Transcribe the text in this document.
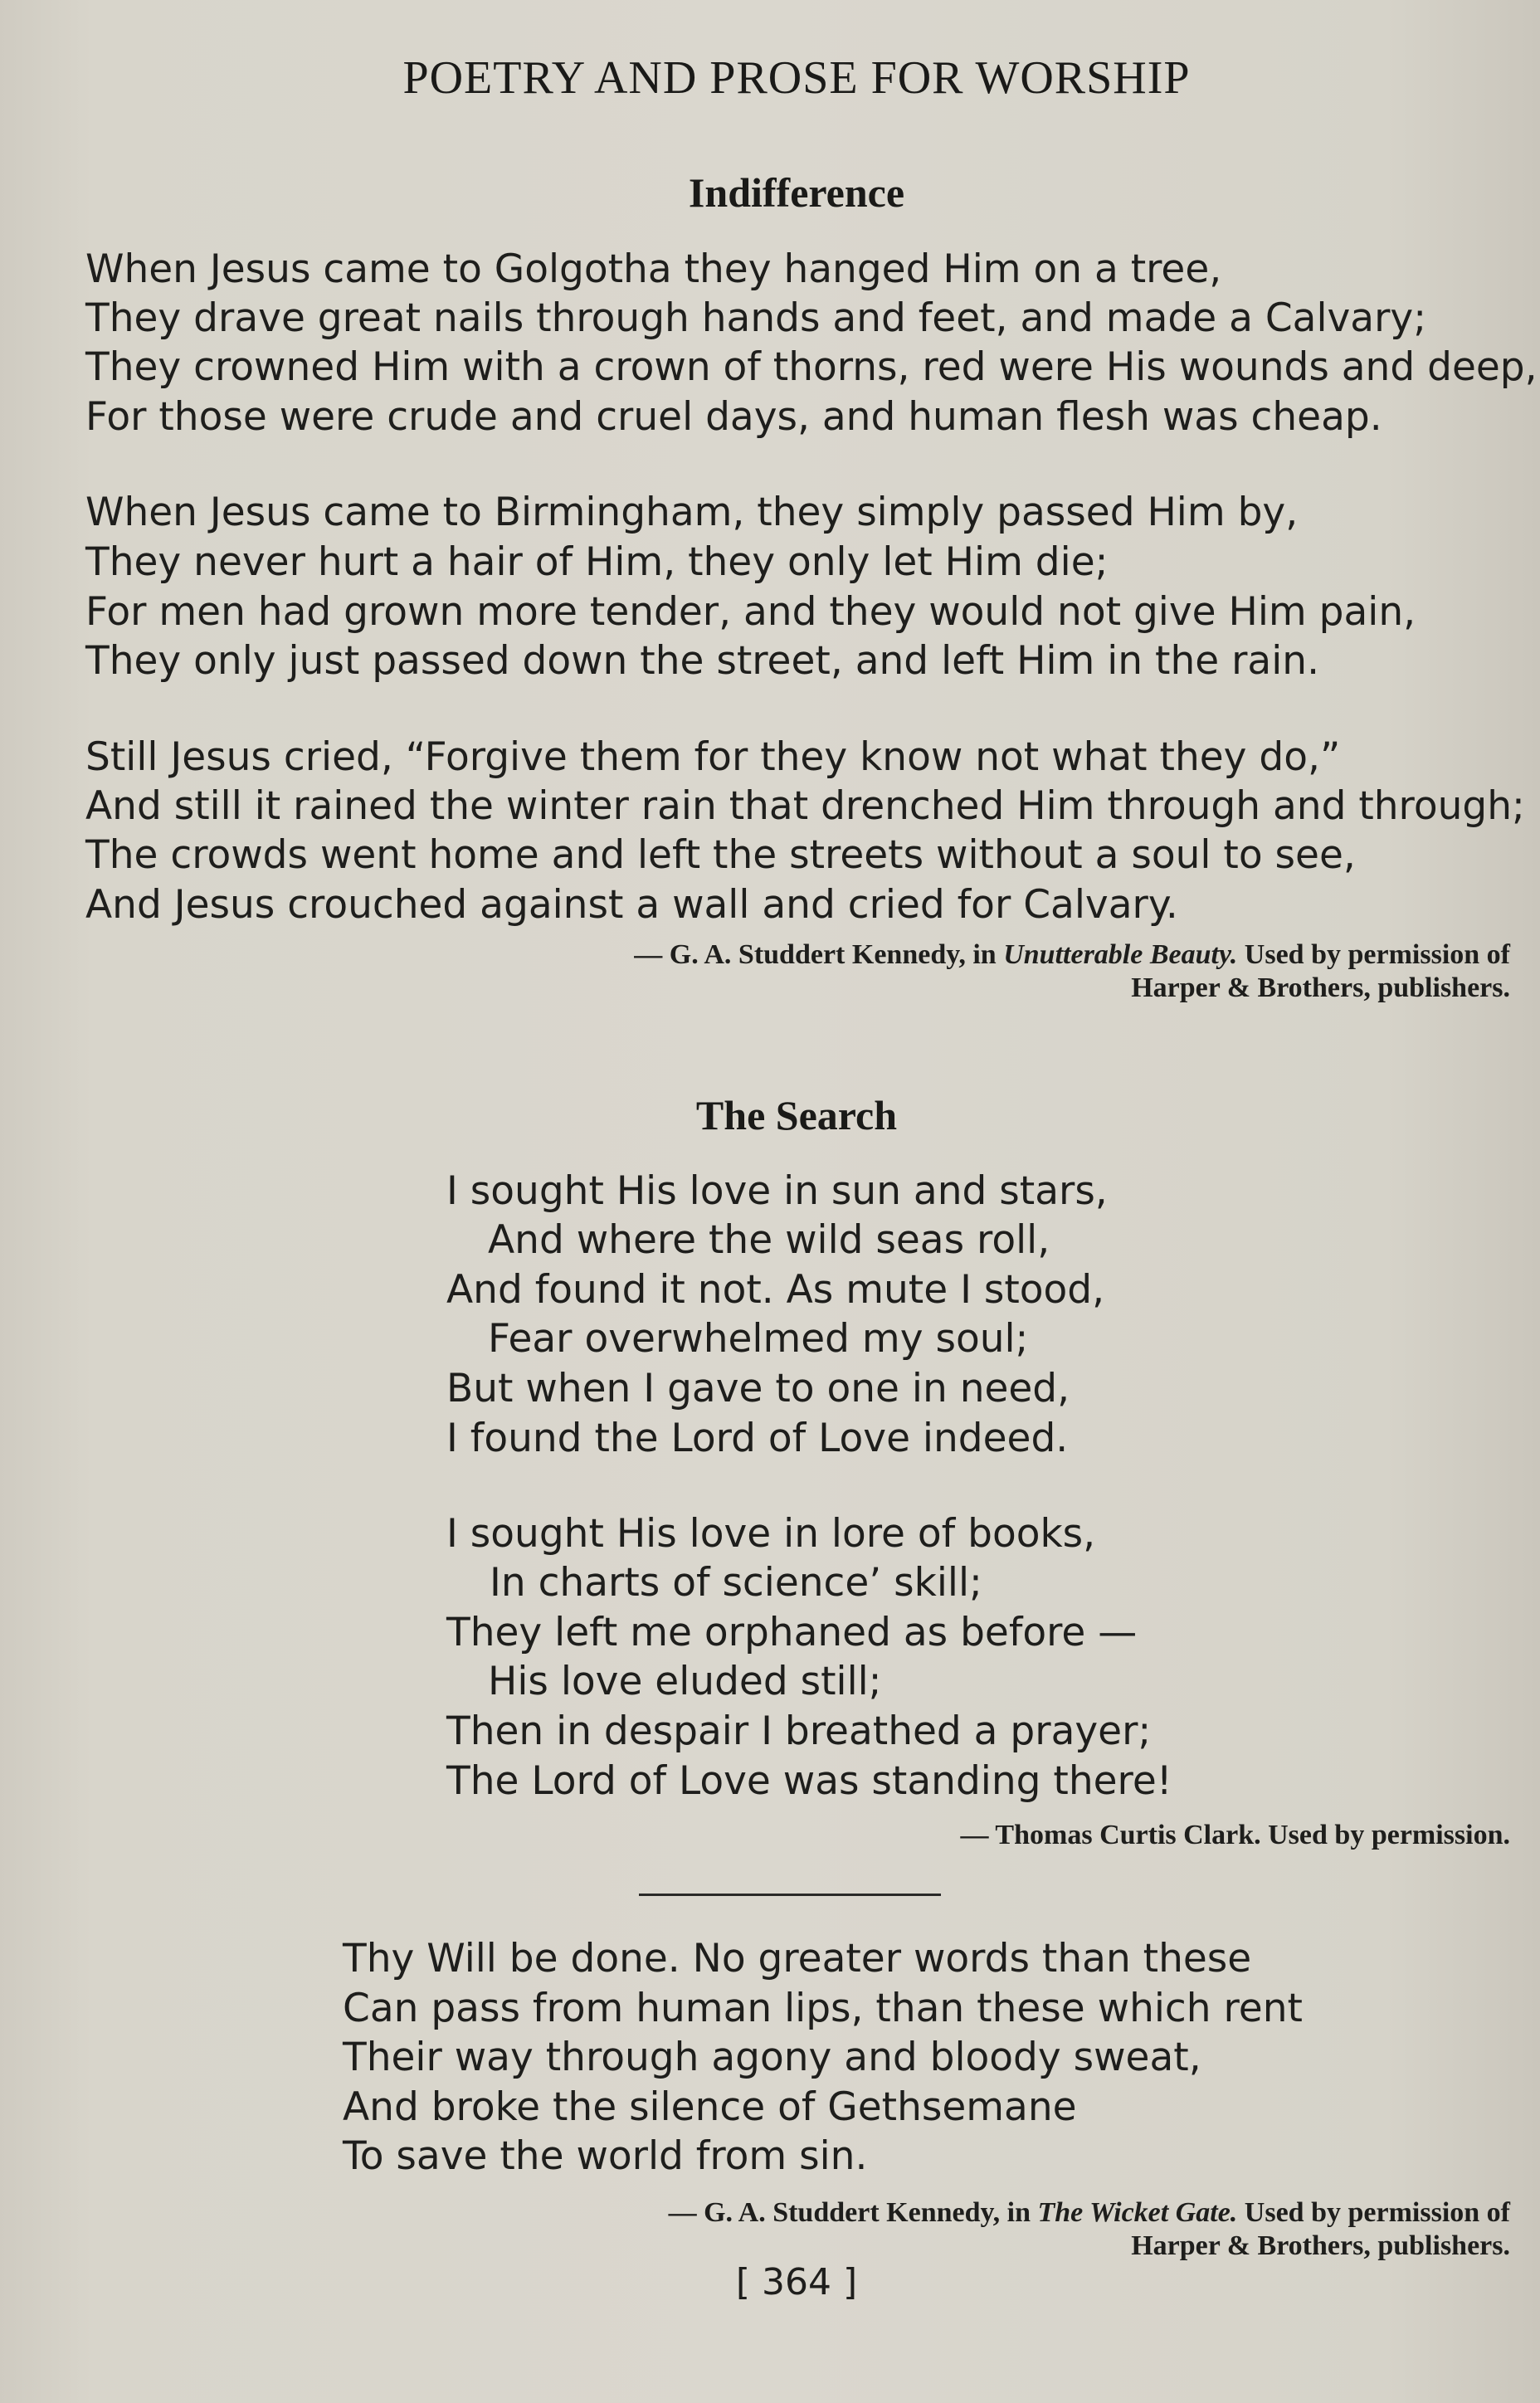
POETRY AND PROSE FOR WORSHIP
Indifference
When Jesus came to Golgotha they hanged Him on a tree,
They drave great nails through hands and feet, and made a Calvary;
They crowned Him with a crown of thorns, red were His wounds and deep,
For those were crude and cruel days, and human flesh was cheap.
When Jesus came to Birmingham, they simply passed Him by,
They never hurt a hair of Him, they only let Him die;
For men had grown more tender, and they would not give Him pain,
They only just passed down the street, and left Him in the rain.
Still Jesus cried, “Forgive them for they know not what they do,”
And still it rained the winter rain that drenched Him through and through;
The crowds went home and left the streets without a soul to see,
And Jesus crouched against a wall and cried for Calvary.
— G. A. Studdert Kennedy, in Unutterable Beauty. Used by permission of
Harper & Brothers, publishers.
The Search
I sought His love in sun and stars,
And where the wild seas roll,
And found it not. As mute I stood,
Fear overwhelmed my soul;
But when I gave to one in need,
I found the Lord of Love indeed.
I sought His love in lore of books,
In charts of science’ skill;
They left me orphaned as before —
His love eluded still;
Then in despair I breathed a prayer;
The Lord of Love was standing there!
— Thomas Curtis Clark. Used by permission.
Thy Will be done. No greater words than these
Can pass from human lips, than these which rent
Their way through agony and bloody sweat,
And broke the silence of Gethsemane
To save the world from sin.
— G. A. Studdert Kennedy, in The Wicket Gate. Used by permission of
Harper & Brothers, publishers.
[ 364 ]
